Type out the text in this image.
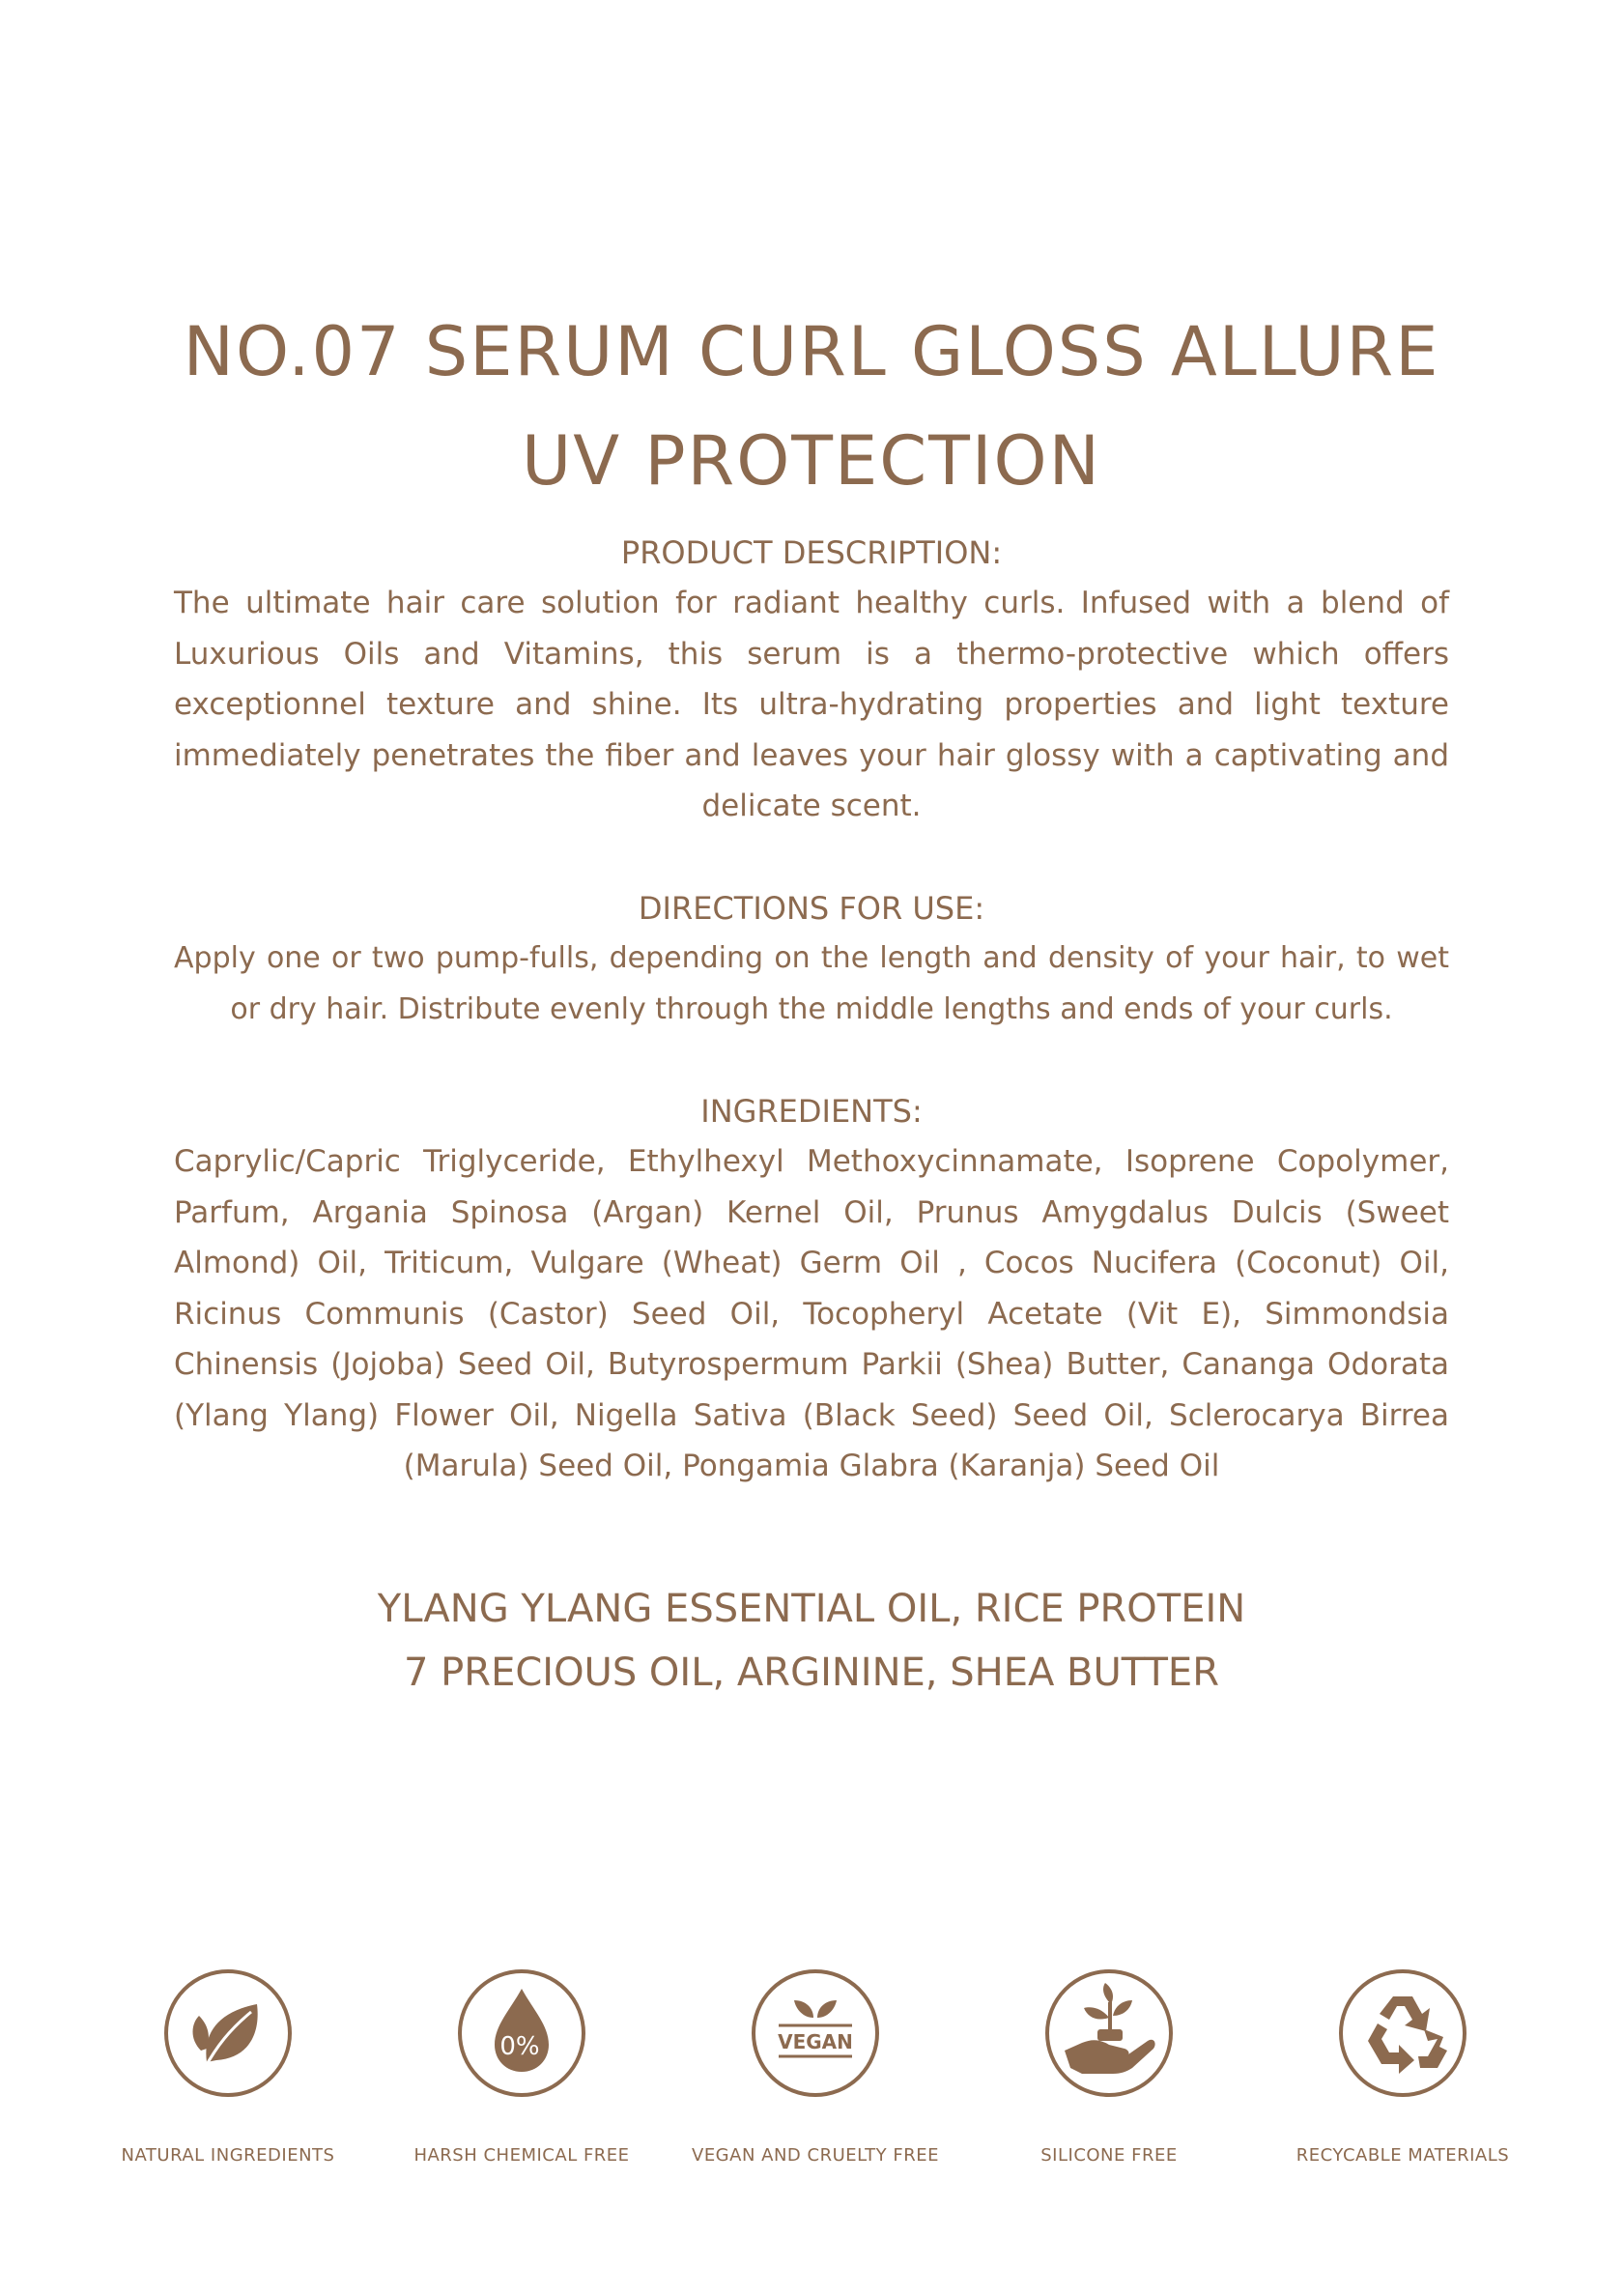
NO.07 SERUM CURL GLOSS ALLURE
UV PROTECTION
PRODUCT DESCRIPTION:

The ultimate hair care solution for radiant healthy curls. Infused with a blend of Luxurious Oils and Vitamins, this serum is a thermo-protective which offers exceptionnel texture and shine. Its ultra-hydrating properties and light texture immediately penetrates the fiber and leaves your hair glossy with a captivating and delicate scent.

DIRECTIONS FOR USE:

Apply one or two pump-fulls, depending on the length and density of your hair, to wet or dry hair. Distribute evenly through the middle lengths and ends of your curls.

INGREDIENTS:

Caprylic/Capric Triglyceride, Ethylhexyl Methoxycinnamate, Isoprene Copolymer, Parfum, Argania Spinosa (Argan) Kernel Oil, Prunus Amygdalus Dulcis (Sweet Almond) Oil, Triticum, Vulgare (Wheat) Germ Oil , Cocos Nucifera (Coconut) Oil, Ricinus Communis (Castor) Seed Oil, Tocopheryl Acetate (Vit E), Simmondsia Chinensis (Jojoba) Seed Oil, Butyrospermum Parkii (Shea) Butter, Cananga Odorata (Ylang Ylang) Flower Oil, Nigella Sativa (Black Seed) Seed Oil, Sclerocarya Birrea (Marula) Seed Oil, Pongamia Glabra (Karanja) Seed Oil

YLANG YLANG ESSENTIAL OIL, RICE PROTEIN
7 PRECIOUS OIL, ARGININE, SHEA BUTTER
NATURAL INGREDIENTS
0%
HARSH CHEMICAL FREE
VEGAN
VEGAN AND CRUELTY FREE	SILICONE FREE	RECYCABLE MATERIALS
